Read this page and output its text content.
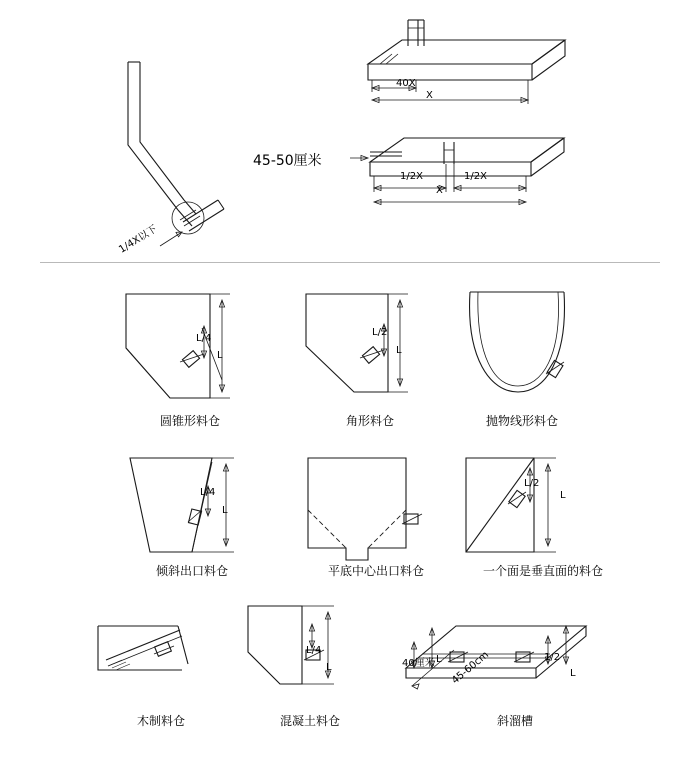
1/4X以下
40X
X
45-50厘米
1/2X	1/2X
X
L/4
L
圆锥形料仓
L/2
L
角形料仓	抛物线形料仓
L/4
L
倾斜出口料仓	平底中心出口料仓
L/2
L
一个面是垂直面的料仓
木制料仓
L/4
L
混凝土料仓
40厘米 L	1/2
L
45-60cm
斜溜槽
